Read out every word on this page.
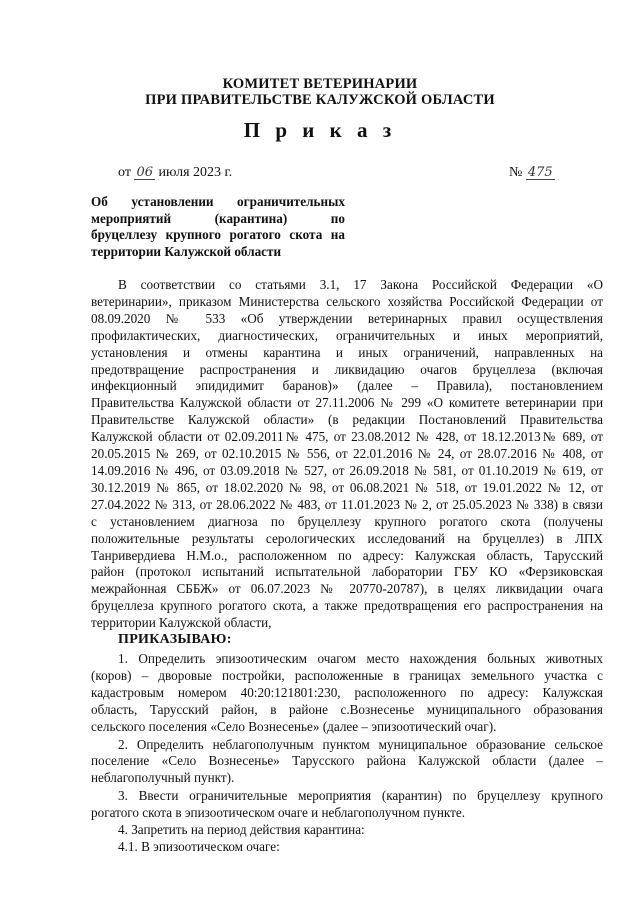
КОМИТЕТ ВЕТЕРИНАРИИ
ПРИ ПРАВИТЕЛЬСТВЕ КАЛУЖСКОЙ ОБЛАСТИ
П р и к а з
от 06 июля 2023 г.	№ 475
Об установлении ограничительных
мероприятий (карантина) по
бруцеллезу крупного рогатого скота на
территории Калужской области
В соответствии со статьями 3.1, 17 Закона Российской Федерации «О
ветеринарии», приказом Министерства сельского хозяйства Российской Федерации от
08.09.2020 № 533 «Об утверждении ветеринарных правил осуществления
профилактических, диагностических, ограничительных и иных мероприятий,
установления и отмены карантина и иных ограничений, направленных на
предотвращение распространения и ликвидацию очагов бруцеллеза (включая
инфекционный эпидидимит баранов)» (далее – Правила), постановлением
Правительства Калужской области от 27.11.2006 № 299 «О комитете ветеринарии при
Правительстве Калужской области» (в редакции Постановлений Правительства
Калужской области от 02.09.2011№ 475, от 23.08.2012 № 428, от 18.12.2013№ 689, от
20.05.2015 № 269, от 02.10.2015 № 556, от 22.01.2016 № 24, от 28.07.2016 № 408, от
14.09.2016 № 496, от 03.09.2018 № 527, от 26.09.2018 № 581, от 01.10.2019 № 619, от
30.12.2019 № 865, от 18.02.2020 № 98, от 06.08.2021 № 518, от 19.01.2022 № 12, от
27.04.2022 № 313, от 28.06.2022 № 483, от 11.01.2023 № 2, от 25.05.2023 № 338) в связи
с установлением диагноза по бруцеллезу крупного рогатого скота (получены
положительные результаты серологических исследований на бруцеллез) в ЛПХ
Танривердиева Н.М.о., расположенном по адресу: Калужская область, Тарусский
район (протокол испытаний испытательной лаборатории ГБУ КО «Ферзиковская
межрайонная СББЖ» от 06.07.2023 № 20770-20787), в целях ликвидации очага
бруцеллеза крупного рогатого скота, а также предотвращения его распространения на
территории Калужской области,
ПРИКАЗЫВАЮ:
1. Определить эпизоотическим очагом место нахождения больных животных
(коров) – дворовые постройки, расположенные в границах земельного участка с
кадастровым номером 40:20:121801:230, расположенного по адресу: Калужская
область, Тарусский район, в районе с.Вознесенье муниципального образования
сельского поселения «Село Вознесенье» (далее – эпизоотический очаг).
2. Определить неблагополучным пунктом муниципальное образование сельское
поселение «Село Вознесенье» Тарусского района Калужской области (далее –
неблагополучный пункт).
3. Ввести ограничительные мероприятия (карантин) по бруцеллезу крупного
рогатого скота в эпизоотическом очаге и неблагополучном пункте.
4. Запретить на период действия карантина:
4.1. В эпизоотическом очаге:
